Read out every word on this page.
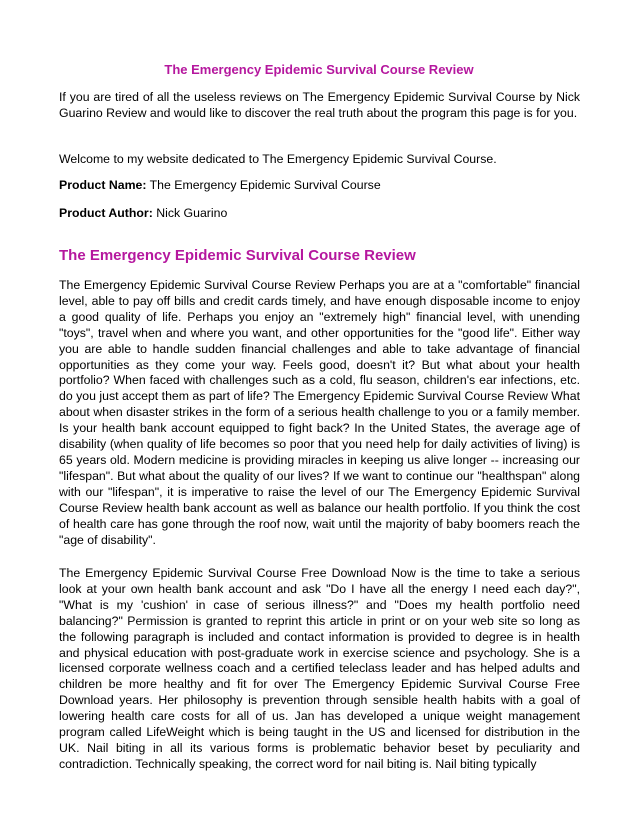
The Emergency Epidemic Survival Course Review
If you are tired of all the useless reviews on The Emergency Epidemic Survival Course by Nick Guarino Review and would like to discover the real truth about the program this page is for you.
Welcome to my website dedicated to The Emergency Epidemic Survival Course.
Product Name: The Emergency Epidemic Survival Course
Product Author: Nick Guarino
The Emergency Epidemic Survival Course Review
The Emergency Epidemic Survival Course Review Perhaps you are at a "comfortable" financial level, able to pay off bills and credit cards timely, and have enough disposable income to enjoy a good quality of life. Perhaps you enjoy an "extremely high" financial level, with unending "toys", travel when and where you want, and other opportunities for the "good life". Either way you are able to handle sudden financial challenges and able to take advantage of financial opportunities as they come your way. Feels good, doesn't it? But what about your health portfolio? When faced with challenges such as a cold, flu season, children's ear infections, etc. do you just accept them as part of life? The Emergency Epidemic Survival Course Review What about when disaster strikes in the form of a serious health challenge to you or a family member. Is your health bank account equipped to fight back? In the United States, the average age of disability (when quality of life becomes so poor that you need help for daily activities of living) is 65 years old. Modern medicine is providing miracles in keeping us alive longer -- increasing our "lifespan". But what about the quality of our lives? If we want to continue our "healthspan" along with our "lifespan", it is imperative to raise the level of our The Emergency Epidemic Survival Course Review health bank account as well as balance our health portfolio. If you think the cost of health care has gone through the roof now, wait until the majority of baby boomers reach the "age of disability".
The Emergency Epidemic Survival Course Free Download Now is the time to take a serious look at your own health bank account and ask "Do I have all the energy I need each day?", "What is my 'cushion' in case of serious illness?" and "Does my health portfolio need balancing?" Permission is granted to reprint this article in print or on your web site so long as the following paragraph is included and contact information is provided to degree is in health and physical education with post-graduate work in exercise science and psychology. She is a licensed corporate wellness coach and a certified teleclass leader and has helped adults and children be more healthy and fit for over The Emergency Epidemic Survival Course Free Download years. Her philosophy is prevention through sensible health habits with a goal of lowering health care costs for all of us. Jan has developed a unique weight management program called LifeWeight which is being taught in the US and licensed for distribution in the UK. Nail biting in all its various forms is problematic behavior beset by peculiarity and contradiction. Technically speaking, the correct word for nail biting is. Nail biting typically
